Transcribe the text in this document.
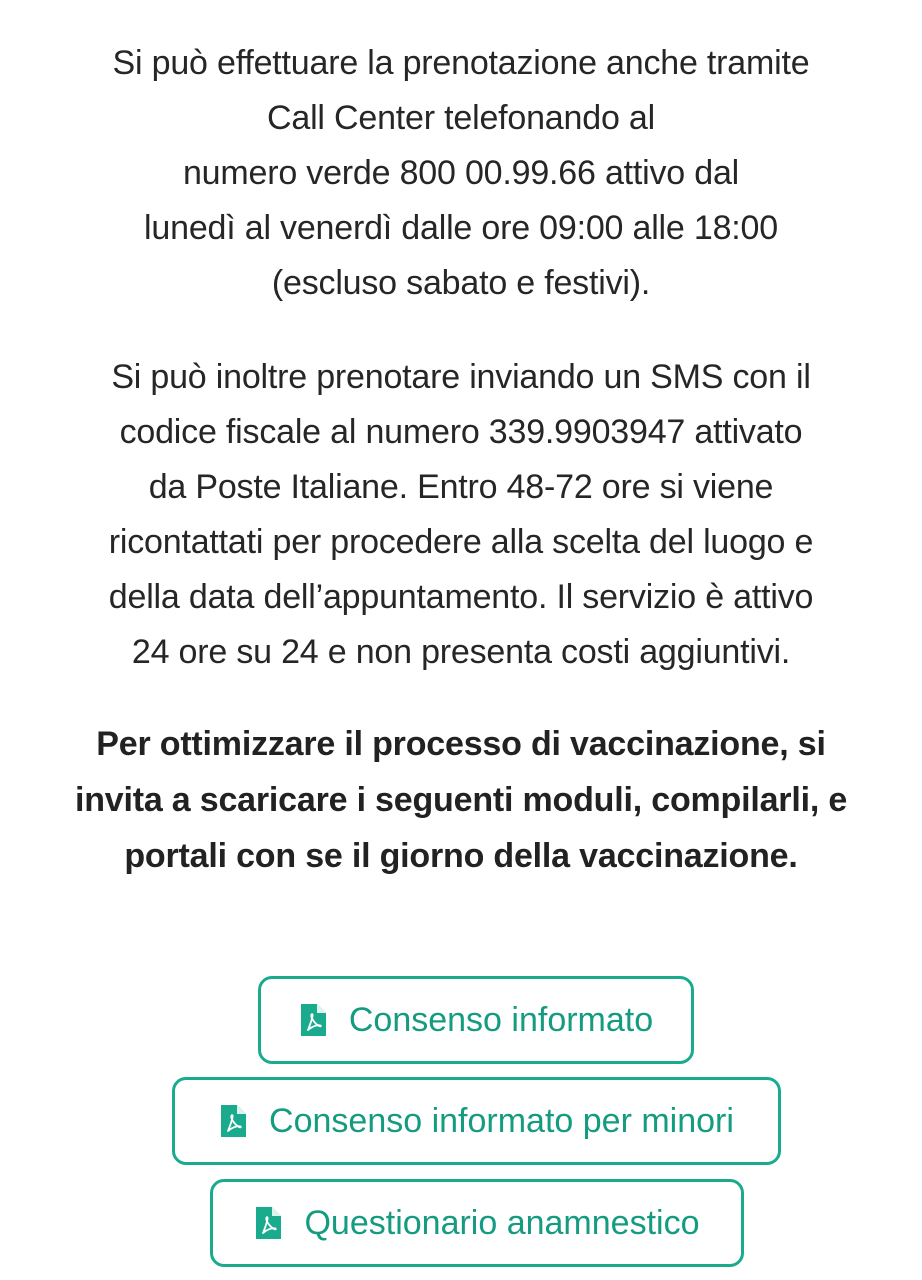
Si può effettuare la prenotazione anche tramite
Call Center telefonando al
numero verde 800 00.99.66 attivo dal
lunedì al venerdì dalle ore 09:00 alle 18:00
(escluso sabato e festivi).
Si può inoltre prenotare inviando un SMS con il
codice fiscale al numero 339.9903947 attivato
da Poste Italiane. Entro 48-72 ore si viene
ricontattati per procedere alla scelta del luogo e
della data dell’appuntamento. Il servizio è attivo
24 ore su 24 e non presenta costi aggiuntivi.
Per ottimizzare il processo di vaccinazione, si
invita a scaricare i seguenti moduli, compilarli, e
portali con se il giorno della vaccinazione.
Consenso informato
Consenso informato per minori
Questionario anamnestico
